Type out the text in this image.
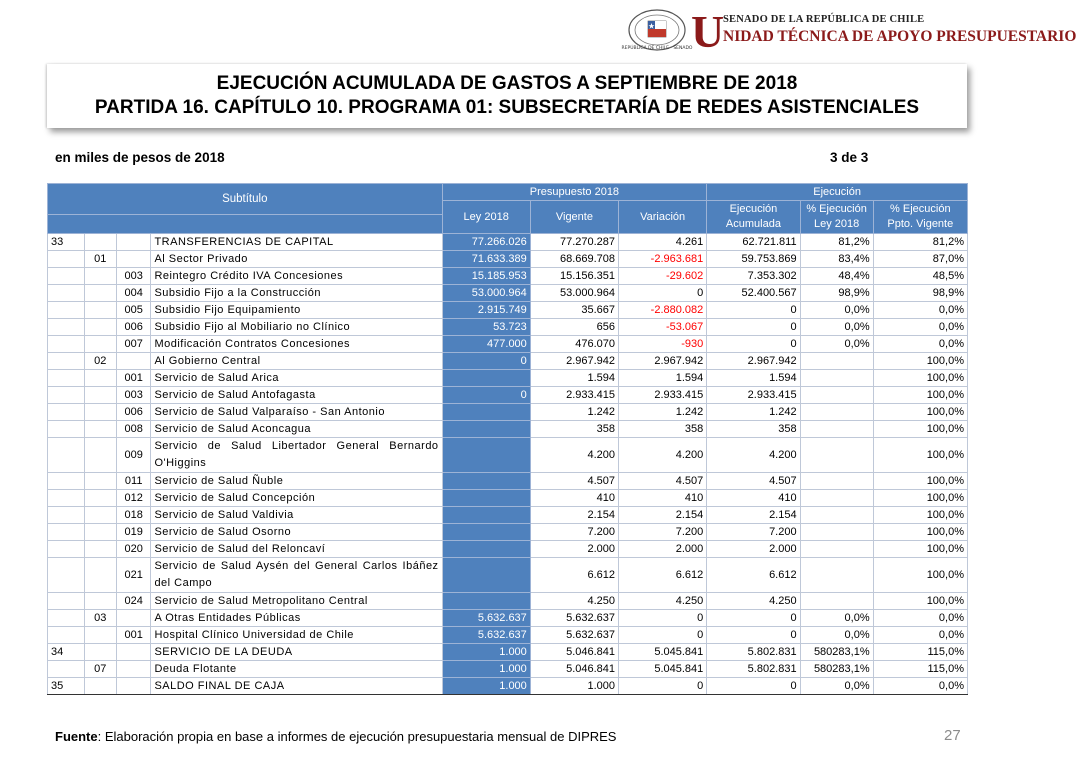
REPÚBLICA DE CHILE · SENADO
U
SENADO DE LA REPÚBLICA DE CHILE
NIDAD TÉCNICA DE APOYO PRESUPUESTARIO
EJECUCIÓN ACUMULADA DE GASTOS A SEPTIEMBRE DE 2018
PARTIDA 16. CAPÍTULO 10. PROGRAMA 01: SUBSECRETARÍA DE REDES ASISTENCIALES
en miles de pesos de 2018	3 de 3
Subtítulo				Presupuesto 2018			Ejecución		
				Ley 2018	Vigente	Variación	Ejecución Acumulada	% Ejecución Ley 2018	% Ejecución Ppto. Vigente

33			TRANSFERENCIAS DE CAPITAL	77.266.026	77.270.287	4.261	62.721.811	81,2%	81,2%
	01		Al Sector Privado	71.633.389	68.669.708	-2.963.681	59.753.869	83,4%	87,0%
		003	Reintegro Crédito IVA Concesiones	15.185.953	15.156.351	-29.602	7.353.302	48,4%	48,5%
		004	Subsidio Fijo a la Construcción	53.000.964	53.000.964	0	52.400.567	98,9%	98,9%
		005	Subsidio Fijo Equipamiento	2.915.749	35.667	-2.880.082	0	0,0%	0,0%
		006	Subsidio Fijo al Mobiliario no Clínico	53.723	656	-53.067	0	0,0%	0,0%
		007	Modificación Contratos Concesiones	477.000	476.070	-930	0	0,0%	0,0%
	02		Al Gobierno Central	0	2.967.942	2.967.942	2.967.942		100,0%
		001	Servicio de Salud Arica		1.594	1.594	1.594		100,0%
		003	Servicio de Salud Antofagasta	0	2.933.415	2.933.415	2.933.415		100,0%
		006	Servicio de Salud Valparaíso - San Antonio		1.242	1.242	1.242		100,0%
		008	Servicio de Salud Aconcagua		358	358	358		100,0%
		009	Servicio de Salud Libertador General Bernardo O'Higgins		4.200	4.200	4.200		100,0%
		011	Servicio de Salud Ñuble		4.507	4.507	4.507		100,0%
		012	Servicio de Salud Concepción		410	410	410		100,0%
		018	Servicio de Salud Valdivia		2.154	2.154	2.154		100,0%
		019	Servicio de Salud Osorno		7.200	7.200	7.200		100,0%
		020	Servicio de Salud del Reloncaví		2.000	2.000	2.000		100,0%
		021	Servicio de Salud Aysén del General Carlos Ibáñez del Campo		6.612	6.612	6.612		100,0%
		024	Servicio de Salud Metropolitano Central		4.250	4.250	4.250		100,0%
	03		A Otras Entidades Públicas	5.632.637	5.632.637	0	0	0,0%	0,0%
		001	Hospital Clínico Universidad de Chile	5.632.637	5.632.637	0	0	0,0%	0,0%
34			SERVICIO DE LA DEUDA	1.000	5.046.841	5.045.841	5.802.831	580283,1%	115,0%
	07		Deuda Flotante	1.000	5.046.841	5.045.841	5.802.831	580283,1%	115,0%
35			SALDO FINAL DE CAJA	1.000	1.000	0	0	0,0%	0,0%
Fuente: Elaboración propia en base a informes de ejecución presupuestaria mensual de DIPRES	27
